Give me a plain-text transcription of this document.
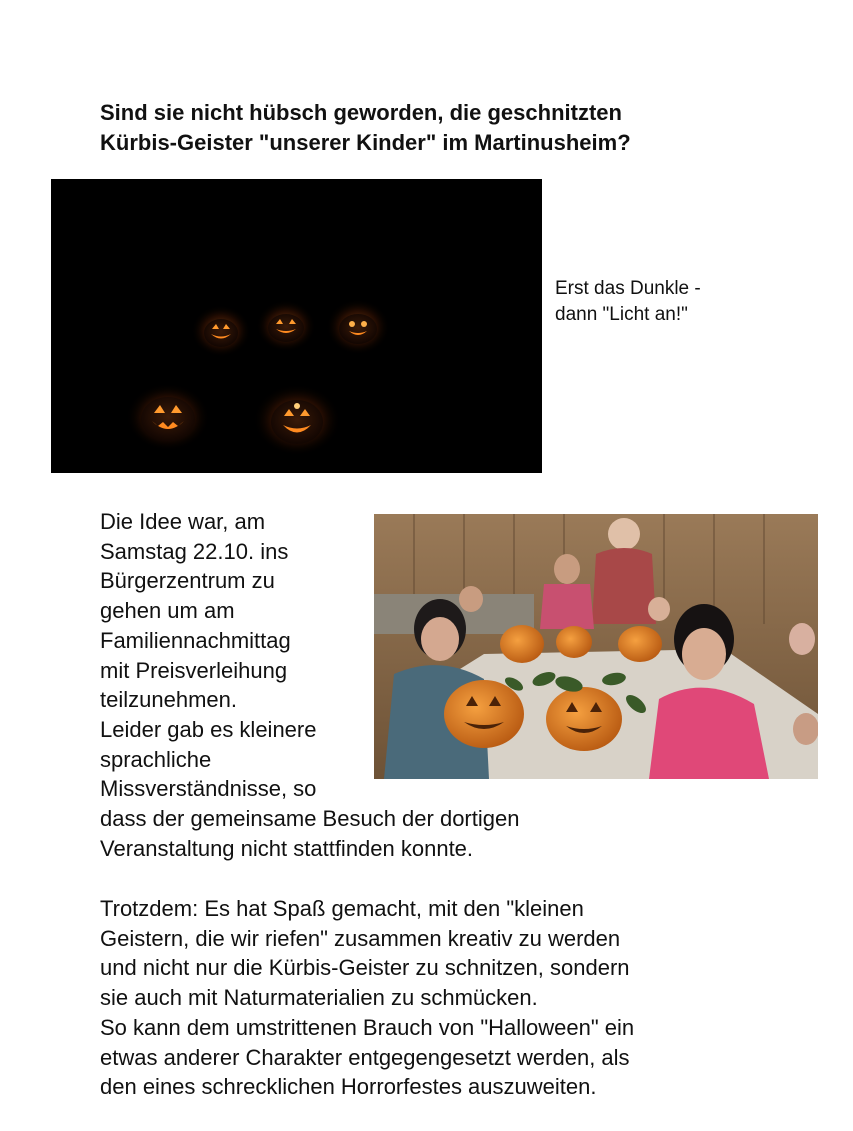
Sind sie nicht hübsch geworden, die geschnitzten
Kürbis-Geister "unserer Kinder" im Martinusheim?
Erst das Dunkle -
dann "Licht an!"
Die Idee war, am
Samstag 22.10. ins
Bürgerzentrum zu
gehen um am
Familiennachmittag
mit Preisverleihung
teilzunehmen.
Leider gab es kleinere
sprachliche
Missverständnisse, so
dass der gemeinsame Besuch der dortigen
Veranstaltung nicht stattfinden konnte.
Trotzdem: Es hat Spaß gemacht, mit den "kleinen
Geistern, die wir riefen" zusammen kreativ zu werden
und nicht nur die Kürbis-Geister zu schnitzen, sondern
sie auch mit Naturmaterialien zu schmücken.
So kann dem umstrittenen Brauch von "Halloween" ein
etwas anderer Charakter entgegengesetzt werden, als
den eines schrecklichen Horrorfestes auszuweiten.
